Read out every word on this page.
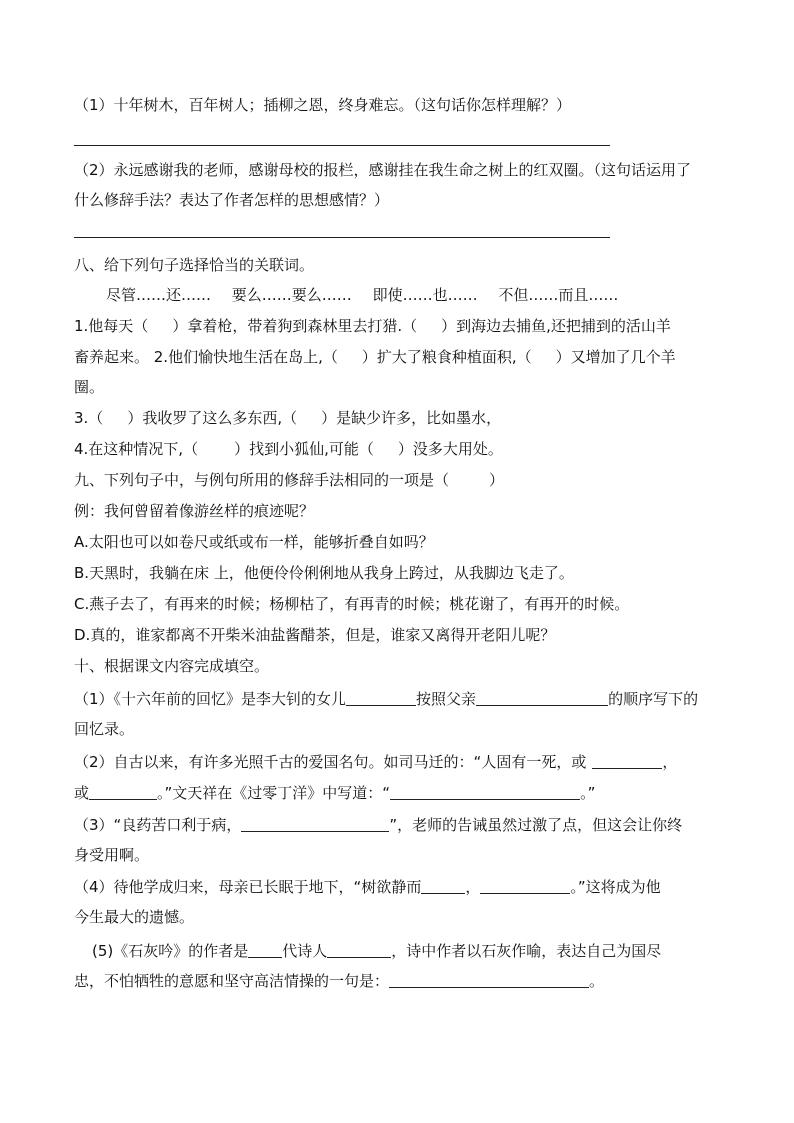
（1）十年树木，百年树人；插柳之恩，终身难忘。（这句话你怎样理解？）
（2）永远感谢我的老师，感谢母校的报栏，感谢挂在我生命之树上的红双圈。（这句话运用了
什么修辞手法？表达了作者怎样的思想感情？）
八、给下列句子选择恰当的关联词。
尽管……还…… 要么……要么…… 即使……也…… 不但……而且……
1.他每天（ ）拿着枪，带着狗到森林里去打猎.（ ）到海边去捕鱼,还把捕到的活山羊
畜养起来。 2.他们愉快地生活在岛上,（ ）扩大了粮食种植面积,（ ）又增加了几个羊
圈。
3.（ ）我收罗了这么多东西,（ ）是缺少许多，比如墨水，
4.在这种情况下,（ ）找到小狐仙,可能（ ）没多大用处。
九、下列句子中，与例句所用的修辞手法相同的一项是（	）
例：我何曾留着像游丝样的痕迹呢？
A.太阳也可以如卷尺或纸或布一样，能够折叠自如吗？
B.天黑时，我躺在床 上，他便伶伶俐俐地从我身上跨过，从我脚边飞走了。
C.燕子去了，有再来的时候；杨柳枯了，有再青的时候；桃花谢了，有再开的时候。
D.真的，谁家都离不开柴米油盐酱醋茶，但是，谁家又离得开老阳儿呢？
十、根据课文内容完成填空。
（1）《十六年前的回忆》是李大钊的女儿	按照父亲	的顺序写下的
回忆录。
（2）自古以来，有许多光照千古的爱国名句。如司马迁的：“人固有一死，或	，
或	。”文天祥在《过零丁洋》中写道：“	。”
（3）“良药苦口利于病，	”，老师的告诫虽然过激了点，但这会让你终
身受用啊。
（4）待他学成归来，母亲已长眠于地下，“树欲静而	，	。”这将成为他
今生最大的遗憾。
(5)《石灰吟》的作者是 代诗人	，诗中作者以石灰作喻，表达自己为国尽
忠，不怕牺牲的意愿和坚守高洁情操的一句是：	。
